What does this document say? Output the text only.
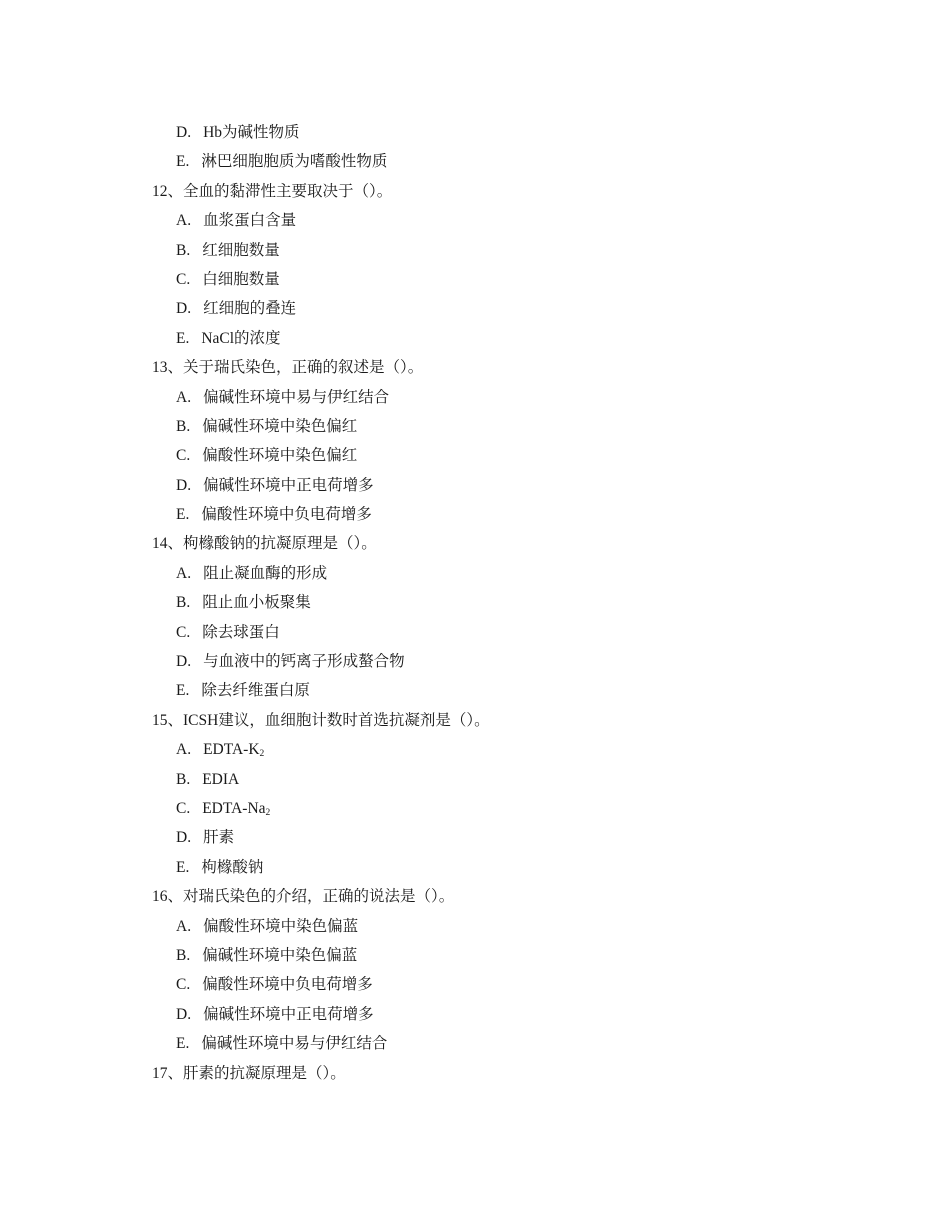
D. Hb为碱性物质
E. 淋巴细胞胞质为嗜酸性物质
12、全血的黏滞性主要取决于（）。
A. 血浆蛋白含量
B. 红细胞数量
C. 白细胞数量
D. 红细胞的叠连
E. NaCl的浓度
13、关于瑞氏染色，正确的叙述是（）。
A. 偏碱性环境中易与伊红结合
B. 偏碱性环境中染色偏红
C. 偏酸性环境中染色偏红
D. 偏碱性环境中正电荷增多
E. 偏酸性环境中负电荷增多
14、枸橼酸钠的抗凝原理是（）。
A. 阻止凝血酶的形成
B. 阻止血小板聚集
C. 除去球蛋白
D. 与血液中的钙离子形成螯合物
E. 除去纤维蛋白原
15、ICSH建议，血细胞计数时首选抗凝剂是（）。
A. EDTA-$K_2$
B. EDIA
C. EDTA-$Na_2$
D. 肝素
E. 枸橼酸钠
16、对瑞氏染色的介绍，正确的说法是（）。
A. 偏酸性环境中染色偏蓝
B. 偏碱性环境中染色偏蓝
C. 偏酸性环境中负电荷增多
D. 偏碱性环境中正电荷增多
E. 偏碱性环境中易与伊红结合
17、肝素的抗凝原理是（）。
